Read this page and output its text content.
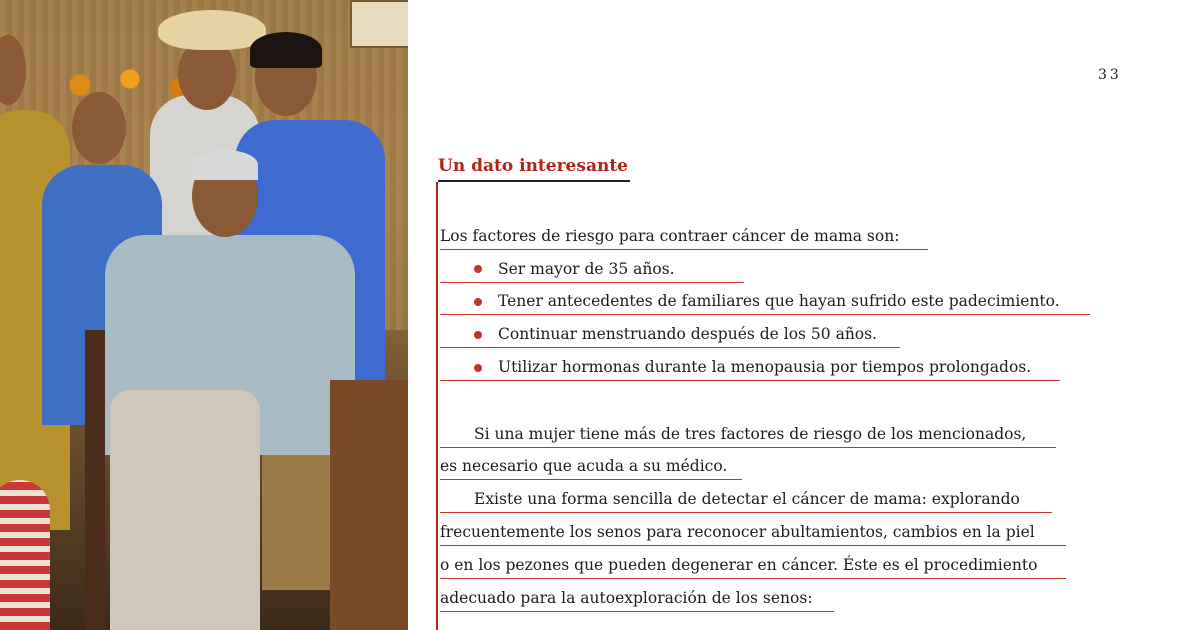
33
Un dato interesante
Los factores de riesgo para contraer cáncer de mama son:
Ser mayor de 35 años.
Tener antecedentes de familiares que hayan sufrido este padecimiento.
Continuar menstruando después de los 50 años.
Utilizar hormonas durante la menopausia por tiempos prolongados.
Si una mujer tiene más de tres factores de riesgo de los mencionados,
es necesario que acuda a su médico.
Existe una forma sencilla de detectar el cáncer de mama: explorando
frecuentemente los senos para reconocer abultamientos, cambios en la piel
o en los pezones que pueden degenerar en cáncer. Éste es el procedimiento
adecuado para la autoexploración de los senos:
